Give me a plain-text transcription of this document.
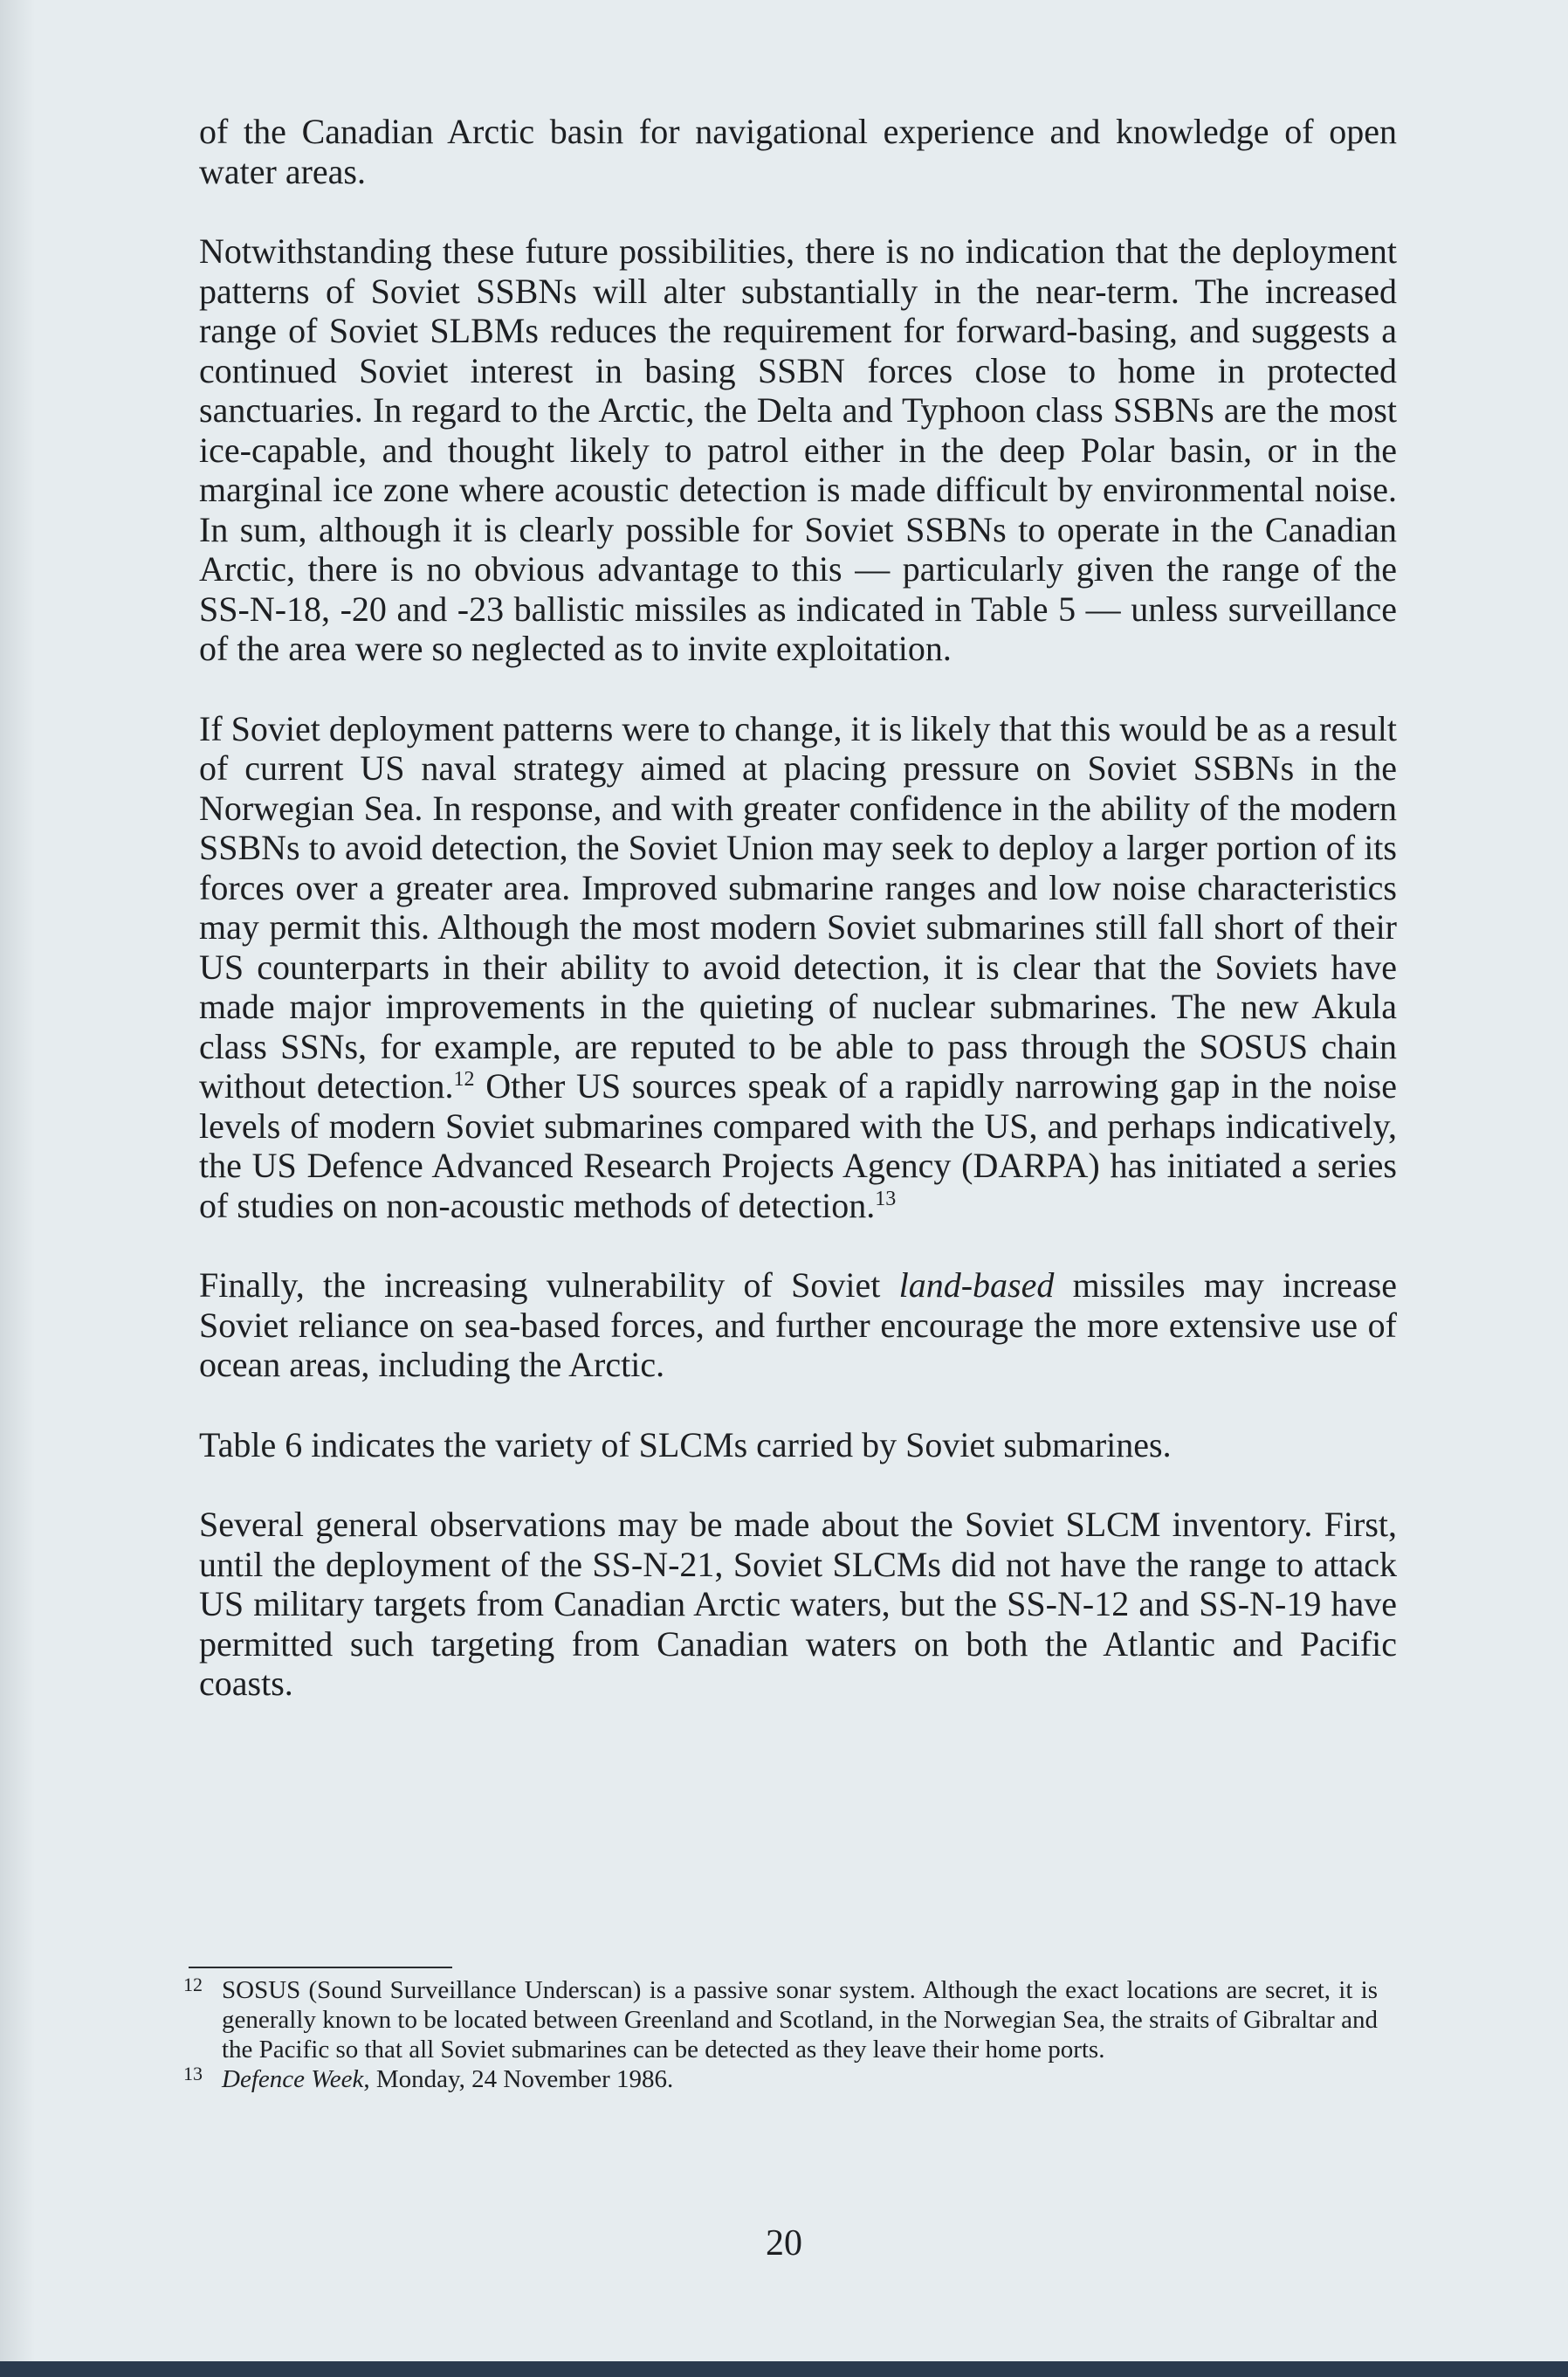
of the Canadian Arctic basin for navigational experience and knowledge of open water areas.

Notwithstanding these future possibilities, there is no indication that the deployment patterns of Soviet SSBNs will alter substantially in the near-term. The increased range of Soviet SLBMs reduces the requirement for forward-basing, and suggests a continued Soviet interest in basing SSBN forces close to home in protected sanctuaries. In regard to the Arctic, the Delta and Typhoon class SSBNs are the most ice-capable, and thought likely to patrol either in the deep Polar basin, or in the marginal ice zone where acoustic detection is made difficult by environmental noise. In sum, although it is clearly possible for Soviet SSBNs to operate in the Canadian Arctic, there is no obvious advantage to this — particularly given the range of the SS-N-18, -20 and -23 ballistic missiles as indicated in Table 5 — unless surveillance of the area were so neglected as to invite exploitation.

If Soviet deployment patterns were to change, it is likely that this would be as a result of current US naval strategy aimed at placing pressure on Soviet SSBNs in the Norwegian Sea. In response, and with greater confidence in the ability of the modern SSBNs to avoid detection, the Soviet Union may seek to deploy a larger portion of its forces over a greater area. Improved submarine ranges and low noise characteristics may permit this. Although the most modern Soviet submarines still fall short of their US counterparts in their ability to avoid detection, it is clear that the Soviets have made major improvements in the quieting of nuclear submarines. The new Akula class SSNs, for example, are reputed to be able to pass through the SOSUS chain without detection.$^{12}$ Other US sources speak of a rapidly narrowing gap in the noise levels of modern Soviet submarines compared with the US, and perhaps indicatively, the US Defence Advanced Research Projects Agency (DARPA) has initiated a series of studies on non-acoustic methods of detection.$^{13}$

Finally, the increasing vulnerability of Soviet land-based missiles may increase Soviet reliance on sea-based forces, and further encourage the more extensive use of ocean areas, including the Arctic.

Table 6 indicates the variety of SLCMs carried by Soviet submarines.

Several general observations may be made about the Soviet SLCM inventory. First, until the deployment of the SS-N-21, Soviet SLCMs did not have the range to attack US military targets from Canadian Arctic waters, but the SS-N-12 and SS-N-19 have permitted such targeting from Canadian waters on both the Atlantic and Pacific coasts.

12 SOSUS (Sound Surveillance Underscan) is a passive sonar system. Although the exact locations are secret, it is generally known to be located between Greenland and Scotland, in the Norwegian Sea, the straits of Gibraltar and the Pacific so that all Soviet submarines can be detected as they leave their home ports.

13 Defence Week, Monday, 24 November 1986.

20
